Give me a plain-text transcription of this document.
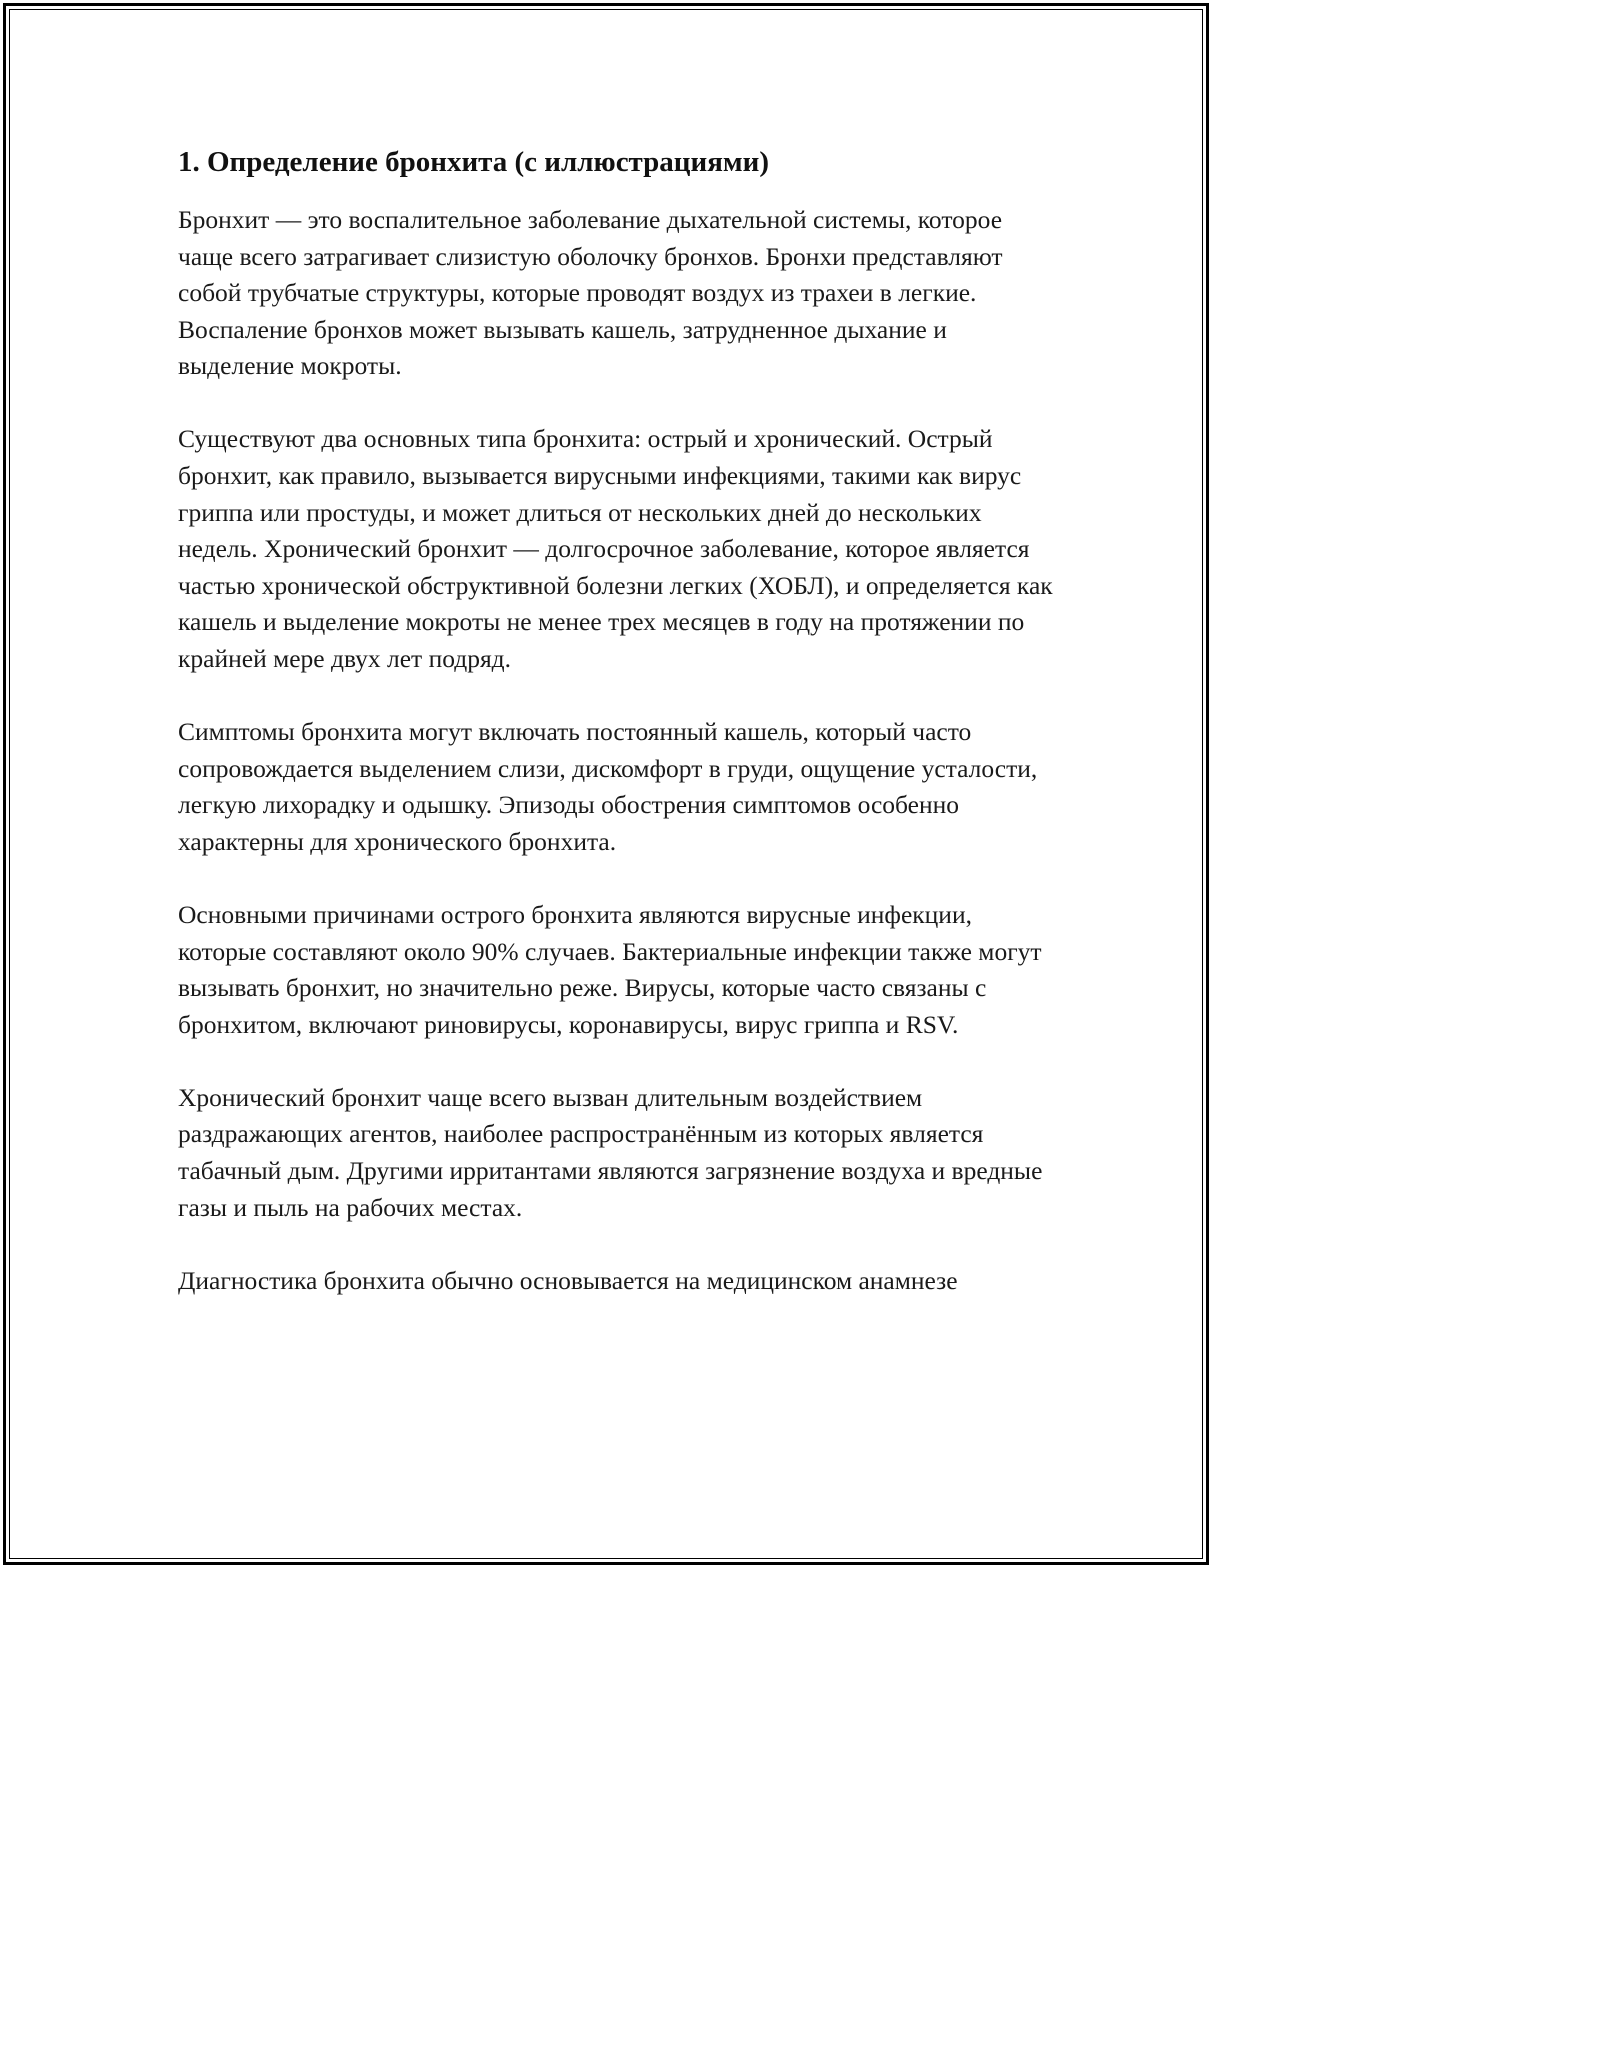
1. Определение бронхита (с иллюстрациями)

Бронхит — это воспалительное заболевание дыхательной системы, которое чаще всего затрагивает слизистую оболочку бронхов. Бронхи представляют собой трубчатые структуры, которые проводят воздух из трахеи в легкие. Воспаление бронхов может вызывать кашель, затрудненное дыхание и выделение мокроты.

Существуют два основных типа бронхита: острый и хронический. Острый бронхит, как правило, вызывается вирусными инфекциями, такими как вирус гриппа или простуды, и может длиться от нескольких дней до нескольких недель. Хронический бронхит — долгосрочное заболевание, которое является частью хронической обструктивной болезни легких (ХОБЛ), и определяется как кашель и выделение мокроты не менее трех месяцев в году на протяжении по крайней мере двух лет подряд.

Симптомы бронхита могут включать постоянный кашель, который часто сопровождается выделением слизи, дискомфорт в груди, ощущение усталости, легкую лихорадку и одышку. Эпизоды обострения симптомов особенно характерны для хронического бронхита.

Основными причинами острого бронхита являются вирусные инфекции, которые составляют около 90% случаев. Бактериальные инфекции также могут вызывать бронхит, но значительно реже. Вирусы, которые часто связаны с бронхитом, включают риновирусы, коронавирусы, вирус гриппа и RSV.

Хронический бронхит чаще всего вызван длительным воздействием раздражающих агентов, наиболее распространённым из которых является табачный дым. Другими ирритантами являются загрязнение воздуха и вредные газы и пыль на рабочих местах.

Диагностика бронхита обычно основывается на медицинском анамнезе
